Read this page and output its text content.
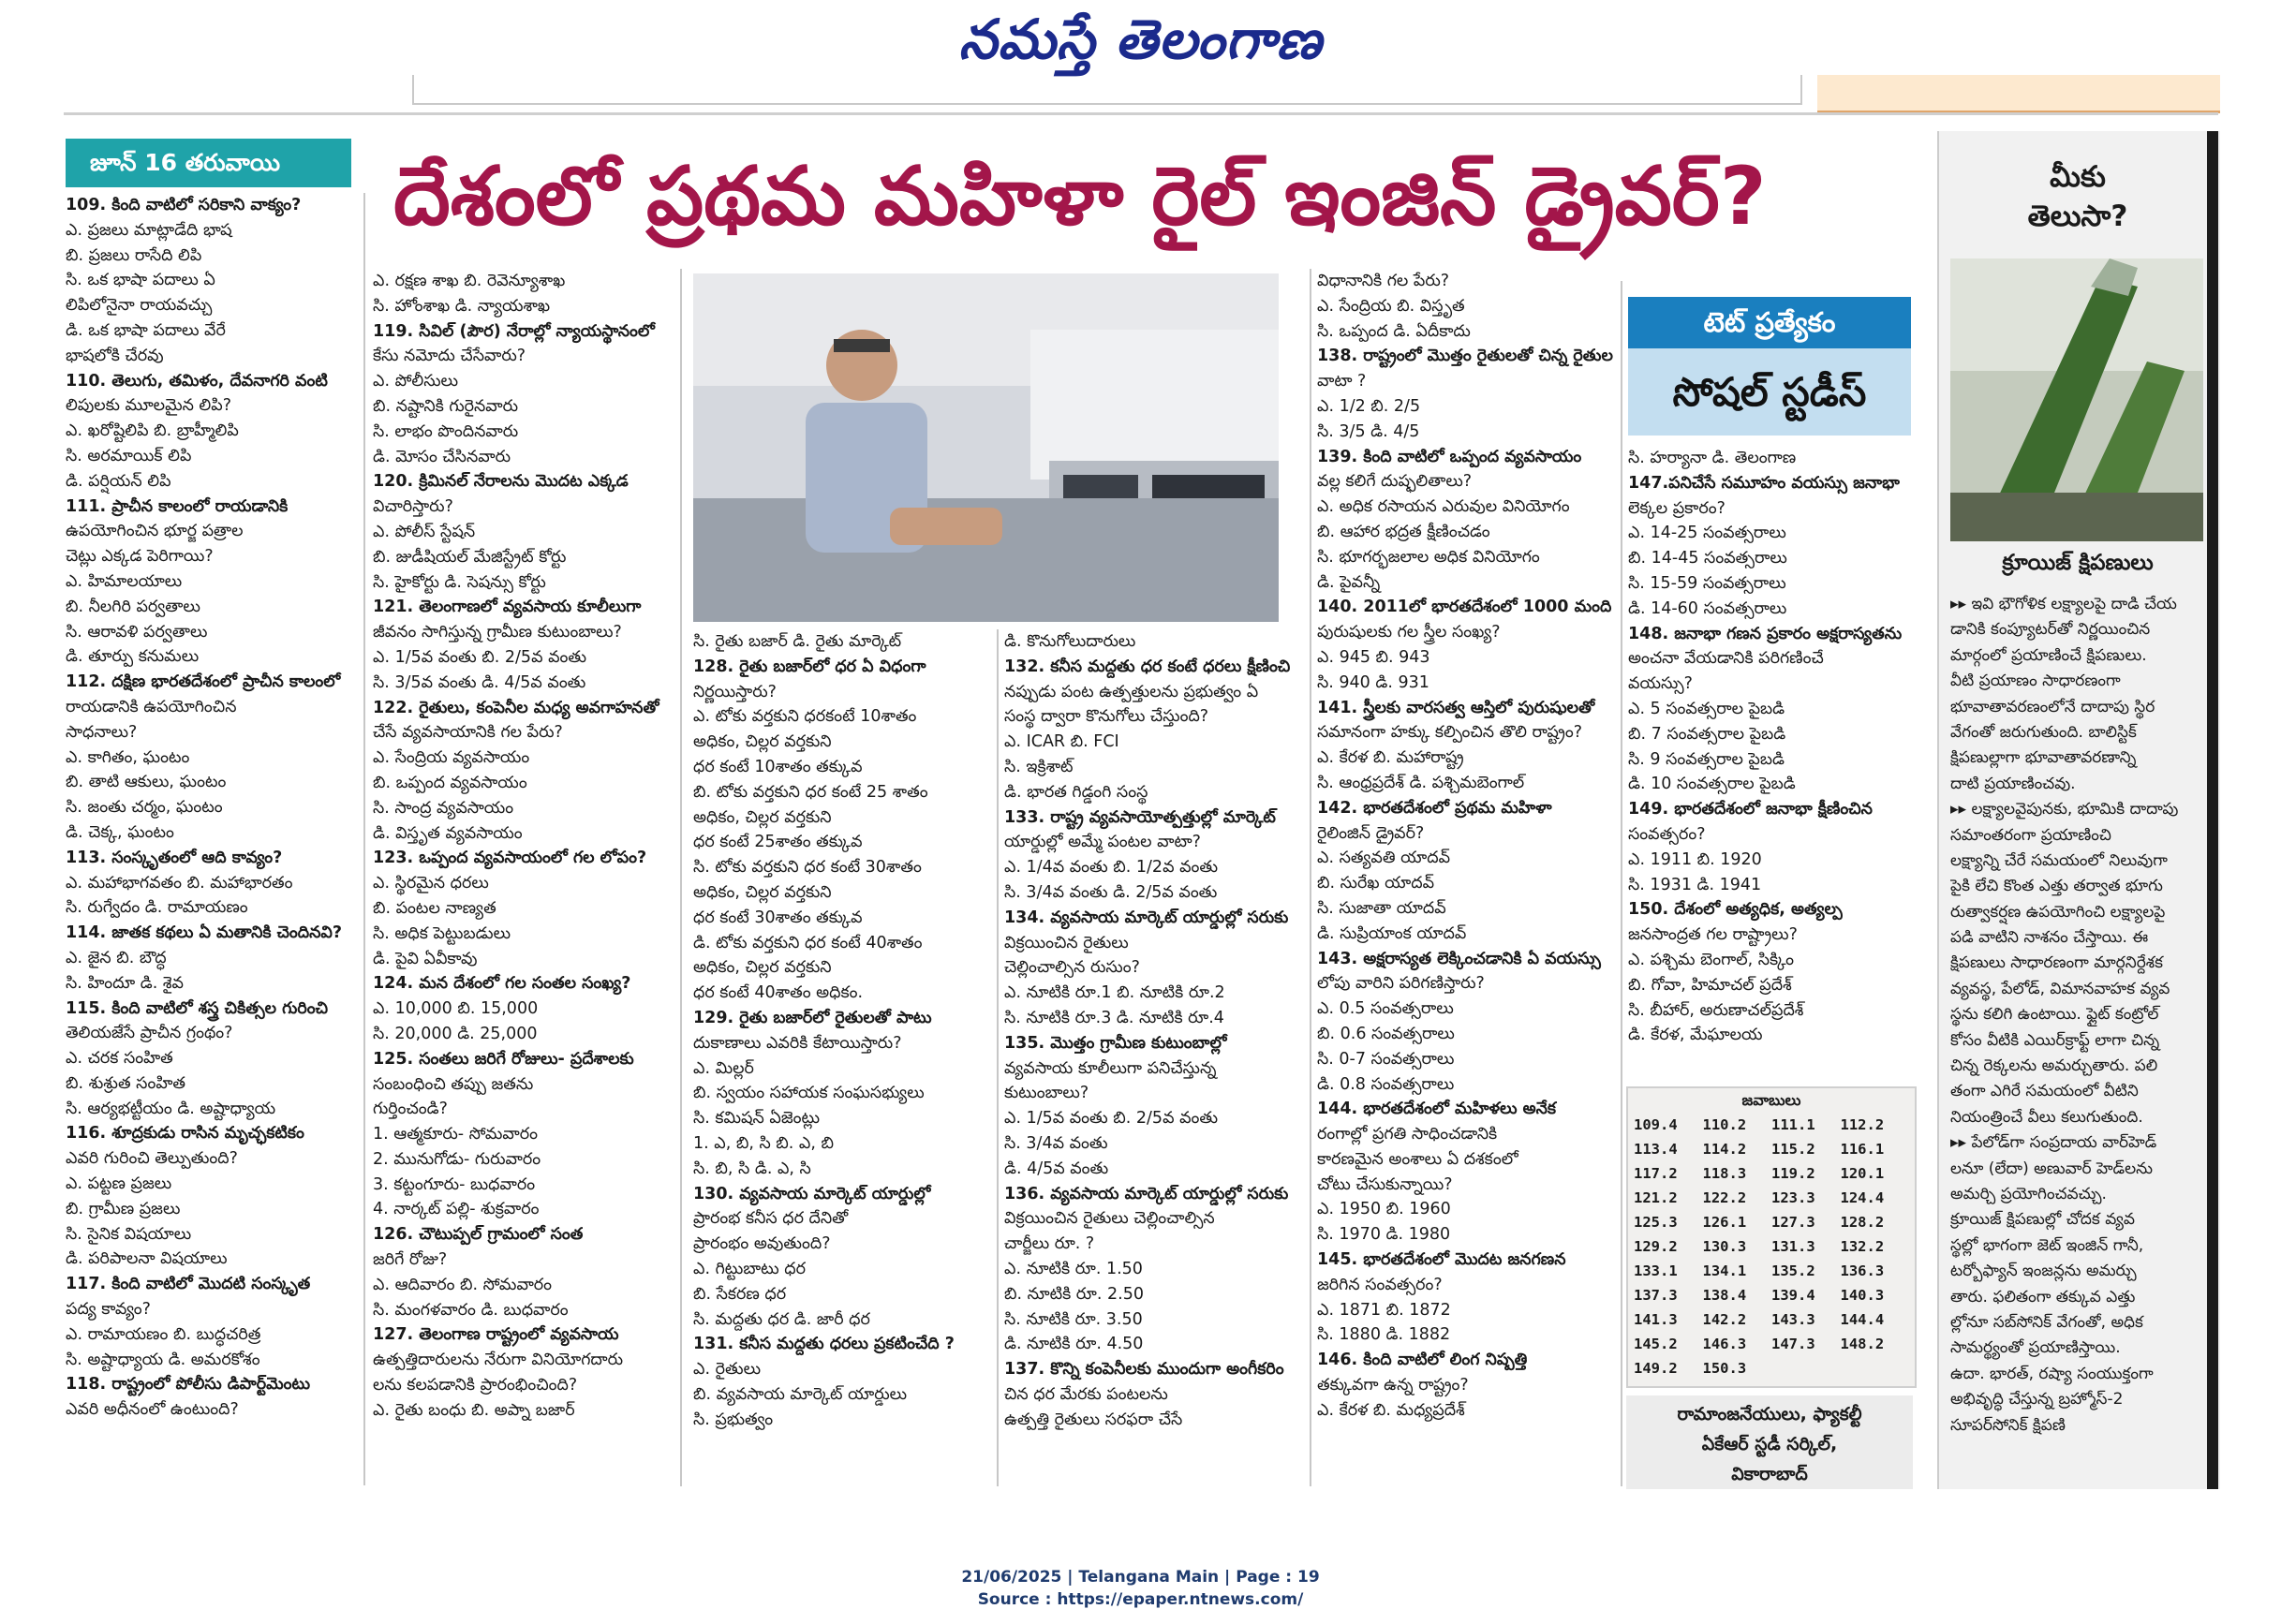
నమస్తే తెలంగాణ
జూన్ 16 తరువాయి	దేశంలో ప్రథమ మహిళా రైల్ ఇంజిన్ డ్రైవర్?
109. కింది వాటిలో సరికాని వాక్యం?
ఎ. ప్రజలు మాట్లాడేది భాష
బి. ప్రజలు రాసేది లిపి
సి. ఒక భాషా పదాలు ఏ
లిపిలోనైనా రాయవచ్చు
డి. ఒక భాషా పదాలు వేరే
భాషలోకి చేరవు
110. తెలుగు, తమిళం, దేవనాగరి వంటి
లిపులకు మూలమైన లిపి?
ఎ. ఖరోష్టిలిపి బి. బ్రాహ్మీలిపి
సి. అరమాయిక్ లిపి
డి. పర్షియన్ లిపి
111. ప్రాచీన కాలంలో రాయడానికి
ఉపయోగించిన భూర్జ పత్రాల
చెట్లు ఎక్కడ పెరిగాయి?
ఎ. హిమాలయాలు
బి. నీలగిరి పర్వతాలు
సి. ఆరావళి పర్వతాలు
డి. తూర్పు కనుమలు
112. దక్షిణ భారతదేశంలో ప్రాచీన కాలంలో
రాయడానికి ఉపయోగించిన
సాధనాలు?
ఎ. కాగితం, ఘంటం
బి. తాటి ఆకులు, ఘంటం
సి. జంతు చర్మం, ఘంటం
డి. చెక్క, ఘంటం
113. సంస్కృతంలో ఆది కావ్యం?
ఎ. మహాభాగవతం బి. మహాభారతం
సి. రుగ్వేదం డి. రామాయణం
114. జాతక కథలు ఏ మతానికి చెందినవి?
ఎ. జైన బి. బౌద్ధ
సి. హిందూ డి. శైవ
115. కింది వాటిలో శస్త్ర చికిత్సల గురించి
తెలియజేసే ప్రాచీన గ్రంథం?
ఎ. చరక సంహిత
బి. శుశ్రుత సంహిత
సి. ఆర్యభట్టీయం డి. అష్టాధ్యాయ
116. శూద్రకుడు రాసిన మృచ్ఛకటికం
ఎవరి గురించి తెల్పుతుంది?
ఎ. పట్టణ ప్రజలు
బి. గ్రామీణ ప్రజలు
సి. సైనిక విషయాలు
డి. పరిపాలనా విషయాలు
117. కింది వాటిలో మొదటి సంస్కృత
పద్య కావ్యం?
ఎ. రామాయణం బి. బుద్ధచరిత్ర
సి. అష్టాధ్యాయ డి. అమరకోశం
118. రాష్ట్రంలో పోలీసు డిపార్ట్‌మెంటు
ఎవరి అధీనంలో ఉంటుంది?
ఎ. రక్షణ శాఖ బి. రెవెన్యూశాఖ
సి. హోంశాఖ డి. న్యాయశాఖ
119. సివిల్ (పౌర) నేరాల్లో న్యాయస్థానంలో
కేసు నమోదు చేసేవారు?
ఎ. పోలీసులు
బి. నష్టానికి గురైనవారు
సి. లాభం పొందినవారు
డి. మోసం చేసినవారు
120. క్రిమినల్ నేరాలను మొదట ఎక్కడ
విచారిస్తారు?
ఎ. పోలీస్ స్టేషన్
బి. జుడీషియల్ మేజిస్ట్రేట్ కోర్టు
సి. హైకోర్టు డి. సెషన్సు కోర్టు
121. తెలంగాణలో వ్యవసాయ కూలీలుగా
జీవనం సాగిస్తున్న గ్రామీణ కుటుంబాలు?
ఎ. 1/5వ వంతు బి. 2/5వ వంతు
సి. 3/5వ వంతు డి. 4/5వ వంతు
122. రైతులు, కంపెనీల మధ్య అవగాహనతో
చేసే వ్యవసాయానికి గల పేరు?
ఎ. సేంద్రియ వ్యవసాయం
బి. ఒప్పంద వ్యవసాయం
సి. సాంద్ర వ్యవసాయం
డి. విస్తృత వ్యవసాయం
123. ఒప్పంద వ్యవసాయంలో గల లోపం?
ఎ. స్థిరమైన ధరలు
బి. పంటల నాణ్యత
సి. అధిక పెట్టుబడులు
డి. పైవి ఏవీకావు
124. మన దేశంలో గల సంతల సంఖ్య?
ఎ. 10,000 బి. 15,000
సి. 20,000 డి. 25,000
125. సంతలు జరిగే రోజులు- ప్రదేశాలకు
సంబంధించి తప్పు జతను
గుర్తించండి?
1. ఆత్మకూరు- సోమవారం
2. మునుగోడు- గురువారం
3. కట్టంగూరు- బుధవారం
4. నార్కట్ పల్లి- శుక్రవారం
126. చౌటుప్పల్ గ్రామంలో సంత
జరిగే రోజు?
ఎ. ఆదివారం బి. సోమవారం
సి. మంగళవారం డి. బుధవారం
127. తెలంగాణ రాష్ట్రంలో వ్యవసాయ
ఉత్పత్తిదారులను నేరుగా వినియోగదారు
లను కలపడానికి ప్రారంభించింది?
ఎ. రైతు బంధు బి. అప్నా బజార్
సి. రైతు బజార్ డి. రైతు మార్కెట్
128. రైతు బజార్‌లో ధర ఏ విధంగా
నిర్ణయిస్తారు?
ఎ. టోకు వర్తకుని ధరకంటే 10శాతం
అధికం, చిల్లర వర్తకుని
ధర కంటే 10శాతం తక్కువ
బి. టోకు వర్తకుని ధర కంటే 25 శాతం
అధికం, చిల్లర వర్తకుని
ధర కంటే 25శాతం తక్కువ
సి. టోకు వర్తకుని ధర కంటే 30శాతం
అధికం, చిల్లర వర్తకుని
ధర కంటే 30శాతం తక్కువ
డి. టోకు వర్తకుని ధర కంటే 40శాతం
అధికం, చిల్లర వర్తకుని
ధర కంటే 40శాతం అధికం.
129. రైతు బజార్‌లో రైతులతో పాటు
దుకాణాలు ఎవరికి కేటాయిస్తారు?
ఎ. మిల్లర్
బి. స్వయం సహాయక సంఘసభ్యులు
సి. కమిషన్ ఏజెంట్లు
1. ఎ, బి, సి బి. ఎ, బి
సి. బి, సి డి. ఎ, సి
130. వ్యవసాయ మార్కెట్ యార్డుల్లో
ప్రారంభ కనీస ధర దేనితో
ప్రారంభం అవుతుంది?
ఎ. గిట్టుబాటు ధర
బి. సేకరణ ధర
సి. మద్దతు ధర డి. జారీ ధర
131. కనీస మద్దతు ధరలు ప్రకటించేది ?
ఎ. రైతులు
బి. వ్యవసాయ మార్కెట్ యార్డులు
సి. ప్రభుత్వం
డి. కొనుగోలుదారులు
132. కనీస మద్దతు ధర కంటే ధరలు క్షీణించి
నప్పుడు పంట ఉత్పత్తులను ప్రభుత్వం ఏ
సంస్థ ద్వారా కొనుగోలు చేస్తుంది?
ఎ. ICAR బి. FCI
సి. ఇక్రిశాట్
డి. భారత గిడ్డంగి సంస్థ
133. రాష్ట్ర వ్యవసాయోత్పత్తుల్లో మార్కెట్
యార్డుల్లో అమ్మే పంటల వాటా?
ఎ. 1/4వ వంతు బి. 1/2వ వంతు
సి. 3/4వ వంతు డి. 2/5వ వంతు
134. వ్యవసాయ మార్కెట్ యార్డుల్లో సరుకు
విక్రయించిన రైతులు
చెల్లించాల్సిన రుసుం?
ఎ. నూటికి రూ.1 బి. నూటికి రూ.2
సి. నూటికి రూ.3 డి. నూటికి రూ.4
135. మొత్తం గ్రామీణ కుటుంబాల్లో
వ్యవసాయ కూలీలుగా పనిచేస్తున్న
కుటుంబాలు?
ఎ. 1/5వ వంతు బి. 2/5వ వంతు
సి. 3/4వ వంతు
డి. 4/5వ వంతు
136. వ్యవసాయ మార్కెట్ యార్డుల్లో సరుకు
విక్రయించిన రైతులు చెల్లించాల్సిన
చార్జీలు రూ. ?
ఎ. నూటికి రూ. 1.50
బి. నూటికి రూ. 2.50
సి. నూటికి రూ. 3.50
డి. నూటికి రూ. 4.50
137. కొన్ని కంపెనీలకు ముందుగా అంగీకరిం
చిన ధర మేరకు పంటలను
ఉత్పత్తి రైతులు సరఫరా చేసే
విధానానికి గల పేరు?
ఎ. సేంద్రియ బి. విస్తృత
సి. ఒప్పంద డి. ఏదీకాదు
138. రాష్ట్రంలో మొత్తం రైతులతో చిన్న రైతుల
వాటా ?
ఎ. 1/2 బి. 2/5
సి. 3/5 డి. 4/5
139. కింది వాటిలో ఒప్పంద వ్యవసాయం
వల్ల కలిగే దుష్ఫలితాలు?
ఎ. అధిక రసాయన ఎరువుల వినియోగం
బి. ఆహార భద్రత క్షీణించడం
సి. భూగర్భజలాల అధిక వినియోగం
డి. పైవన్నీ
140. 2011లో భారతదేశంలో 1000 మంది
పురుషులకు గల స్త్రీల సంఖ్య?
ఎ. 945 బి. 943
సి. 940 డి. 931
141. స్త్రీలకు వారసత్వ ఆస్తిలో పురుషులతో
సమానంగా హక్కు కల్పించిన తొలి రాష్ట్రం?
ఎ. కేరళ బి. మహారాష్ట్ర
సి. ఆంధ్రప్రదేశ్ డి. పశ్చిమబెంగాల్
142. భారతదేశంలో ప్రథమ మహిళా
రైలింజిన్ డ్రైవర్?
ఎ. సత్యవతి యాదవ్
బి. సురేఖ యాదవ్
సి. సుజాతా యాదవ్
డి. సుప్రియాంక యాదవ్
143. అక్షరాస్యత లెక్కించడానికి ఏ వయస్సు
లోపు వారిని పరిగణిస్తారు?
ఎ. 0.5 సంవత్సరాలు
బి. 0.6 సంవత్సరాలు
సి. 0-7 సంవత్సరాలు
డి. 0.8 సంవత్సరాలు
144. భారతదేశంలో మహిళలు అనేక
రంగాల్లో ప్రగతి సాధించడానికి
కారణమైన అంశాలు ఏ దశకంలో
చోటు చేసుకున్నాయి?
ఎ. 1950 బి. 1960
సి. 1970 డి. 1980
145. భారతదేశంలో మొదట జనగణన
జరిగిన సంవత్సరం?
ఎ. 1871 బి. 1872
సి. 1880 డి. 1882
146. కింది వాటిలో లింగ నిష్పత్తి
తక్కువగా ఉన్న రాష్ట్రం?
ఎ. కేరళ బి. మధ్యప్రదేశ్
టెట్ ప్రత్యేకం
సోషల్ స్టడీస్
సి. హర్యానా డి. తెలంగాణ
147.పనిచేసే సమూహం వయస్సు జనాభా
లెక్కల ప్రకారం?
ఎ. 14-25 సంవత్సరాలు
బి. 14-45 సంవత్సరాలు
సి. 15-59 సంవత్సరాలు
డి. 14-60 సంవత్సరాలు
148. జనాభా గణన ప్రకారం అక్షరాస్యతను
అంచనా వేయడానికి పరిగణించే
వయస్సు?
ఎ. 5 సంవత్సరాల పైబడి
బి. 7 సంవత్సరాల పైబడి
సి. 9 సంవత్సరాల పైబడి
డి. 10 సంవత్సరాల పైబడి
149. భారతదేశంలో జనాభా క్షీణించిన
సంవత్సరం?
ఎ. 1911 బి. 1920
సి. 1931 డి. 1941
150. దేశంలో అత్యధిక, అత్యల్ప
జనసాంద్రత గల రాష్ట్రాలు?
ఎ. పశ్చిమ బెంగాల్, సిక్కిం
బి. గోవా, హిమాచల్ ప్రదేశ్
సి. బీహార్, అరుణాచల్‌ప్రదేశ్
డి. కేరళ, మేఘాలయ
జవాబులు
109.4	110.2	111.1	112.2
113.4	114.2	115.2	116.1
117.2	118.3	119.2	120.1
121.2	122.2	123.3	124.4
125.3	126.1	127.3	128.2
129.2	130.3	131.3	132.2
133.1	134.1	135.2	136.3
137.3	138.4	139.4	140.3
141.3	142.2	143.3	144.4
145.2	146.3	147.3	148.2
149.2	150.3
రామాంజనేయులు, ఫ్యాకల్టీ
ఏకేఆర్ స్టడీ సర్కిల్,
వికారాబాద్
మీకు
తెలుసా?
క్రూయిజ్ క్షిపణులు
▸▸ ఇవి భౌగోళిక లక్ష్యాలపై దాడి చేయ
డానికి కంప్యూటర్‌తో నిర్ణయించిన
మార్గంలో ప్రయాణించే క్షిపణులు.
వీటి ప్రయాణం సాధారణంగా
భూవాతావరణంలోనే దాదాపు స్థిర
వేగంతో జరుగుతుంది. బాలిస్టిక్
క్షిపణుల్లాగా భూవాతావరణాన్ని
దాటి ప్రయాణించవు.
▸▸ లక్ష్యాలవైపునకు, భూమికి దాదాపు
సమాంతరంగా ప్రయాణించి
లక్ష్యాన్ని చేరే సమయంలో నిలువుగా
పైకి లేచి కొంత ఎత్తు తర్వాత భూగు
రుత్వాకర్షణ ఉపయోగించి లక్ష్యాలపై
పడి వాటిని నాశనం చేస్తాయి. ఈ
క్షిపణులు సాధారణంగా మార్గనిర్దేశక
వ్యవస్థ, పేలోడ్, విమానవాహక వ్యవ
స్థను కలిగి ఉంటాయి. ఫ్లైట్ కంట్రోల్
కోసం వీటికి ఎయిర్‌క్రాఫ్ట్ లాగా చిన్న
చిన్న రెక్కలను అమర్చుతారు. పలి
తంగా ఎగిరే సమయంలో వీటిని
నియంత్రించే వీలు కలుగుతుంది.
▸▸ పేలోడ్‌గా సంప్రదాయ వార్‌హెడ్
లనూ (లేదా) అణువార్ హెడ్‌లను
అమర్చి ప్రయోగించవచ్చు.
క్రూయిజ్ క్షిపణుల్లో చోదక వ్యవ
స్థల్లో భాగంగా జెట్ ఇంజిన్ గానీ,
టర్బోఫ్యాన్ ఇంజన్లను అమర్చు
తారు. ఫలితంగా తక్కువ ఎత్తు
ల్లోనూ సబ్‌సోనిక్ వేగంతో, అధిక
సామర్థ్యంతో ప్రయాణిస్తాయి.
ఉదా. భారత్, రష్యా సంయుక్తంగా
అభివృద్ధి చేస్తున్న బ్రహ్మోస్-2
సూపర్‌సోనిక్ క్షిపణి
21/06/2025 | Telangana Main | Page : 19
Source : https://epaper.ntnews.com/
